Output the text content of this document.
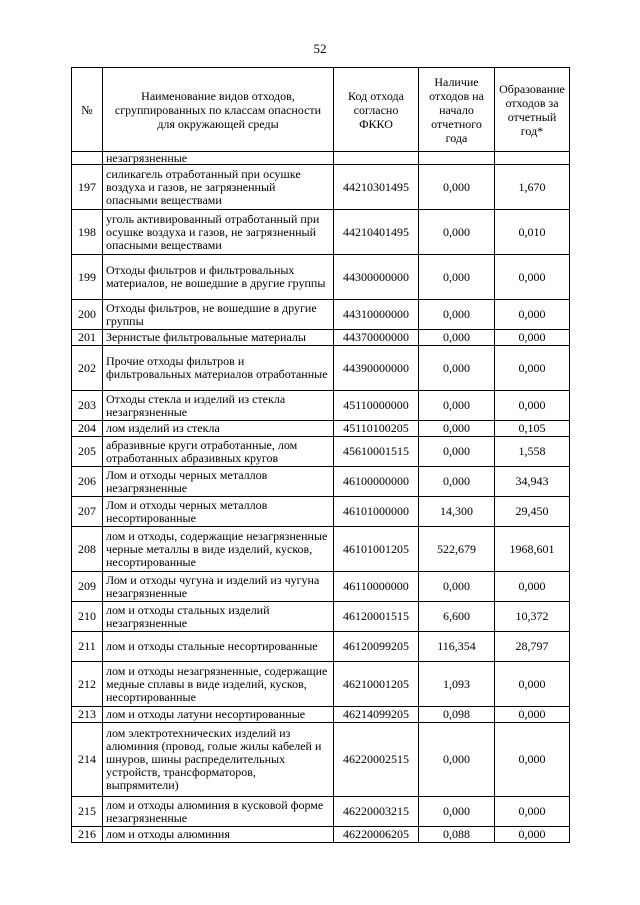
52
№	Наименование видов отходов, сгруппированных по классам опасности для окружающей среды	Код отхода согласно ФККО	Наличие отходов на начало отчетного года	Образование отходов за отчетный год*
	незагрязненные			
197	силикагель отработанный при осушке воздуха и газов, не загрязненный опасными веществами	44210301495	0,000	1,670
198	уголь активированный отработанный при осушке воздуха и газов, не загрязненный опасными веществами	44210401495	0,000	0,010
199	Отходы фильтров и фильтровальных материалов, не вошедшие в другие группы	44300000000	0,000	0,000
200	Отходы фильтров, не вошедшие в другие группы	44310000000	0,000	0,000
201	Зернистые фильтровальные материалы	44370000000	0,000	0,000
202	Прочие отходы фильтров и фильтровальных материалов отработанные	44390000000	0,000	0,000
203	Отходы стекла и изделий из стекла незагрязненные	45110000000	0,000	0,000
204	лом изделий из стекла	45110100205	0,000	0,105
205	абразивные круги отработанные, лом отработанных абразивных кругов	45610001515	0,000	1,558
206	Лом и отходы черных металлов незагрязненные	46100000000	0,000	34,943
207	Лом и отходы черных металлов несортированные	46101000000	14,300	29,450
208	лом и отходы, содержащие незагрязненные черные металлы в виде изделий, кусков, несортированные	46101001205	522,679	1968,601
209	Лом и отходы чугуна и изделий из чугуна незагрязненные	46110000000	0,000	0,000
210	лом и отходы стальных изделий незагрязненные	46120001515	6,600	10,372
211	лом и отходы стальные несортированные	46120099205	116,354	28,797
212	лом и отходы незагрязненные, содержащие медные сплавы в виде изделий, кусков, несортированные	46210001205	1,093	0,000
213	лом и отходы латуни несортированные	46214099205	0,098	0,000
214	лом электротехнических изделий из алюминия (провод, голые жилы кабелей и шнуров, шины распределительных устройств, трансформаторов, выпрямители)	46220002515	0,000	0,000
215	лом и отходы алюминия в кусковой форме незагрязненные	46220003215	0,000	0,000
216	лом и отходы алюминия	46220006205	0,088	0,000
